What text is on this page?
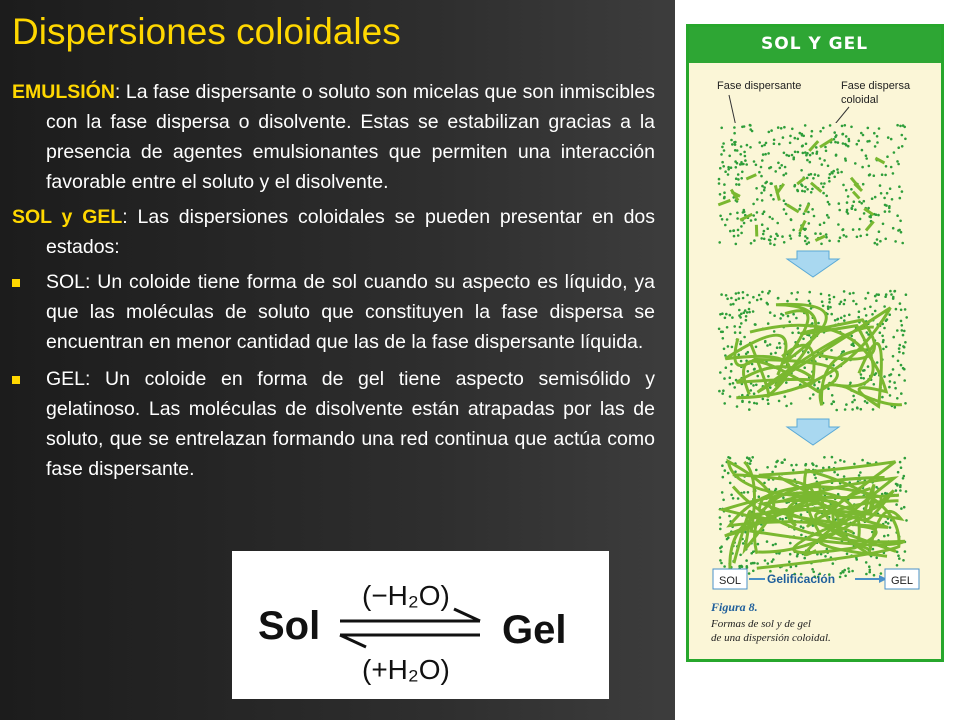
Dispersiones coloidales

EMULSIÓN: La fase dispersante o soluto son micelas que son inmiscibles con la fase dispersa o disolvente. Estas se estabilizan gracias a la presencia de agentes emulsionantes que permiten una interacción favorable entre el soluto y el disolvente.

SOL y GEL: Las dispersiones coloidales se pueden presentar en dos estados:

SOL: Un coloide tiene forma de sol cuando su aspecto es líquido, ya que las moléculas de soluto que constituyen la fase dispersa se encuentran en menor cantidad que las de la fase dispersante líquida.
GEL: Un coloide en forma de gel tiene aspecto semisólido y gelatinoso. Las moléculas de disolvente están atrapadas por las de soluto, que se entrelazan formando una red continua que actúa como fase dispersante.
Sol	Gel
(−H₂O)
(+H₂O)
SOL Y GEL
Fase dispersante	Fase dispersa
coloidal
SOL Gelificación	GEL
Figura 8.
Formas de sol y de gel
de una dispersión coloidal.
